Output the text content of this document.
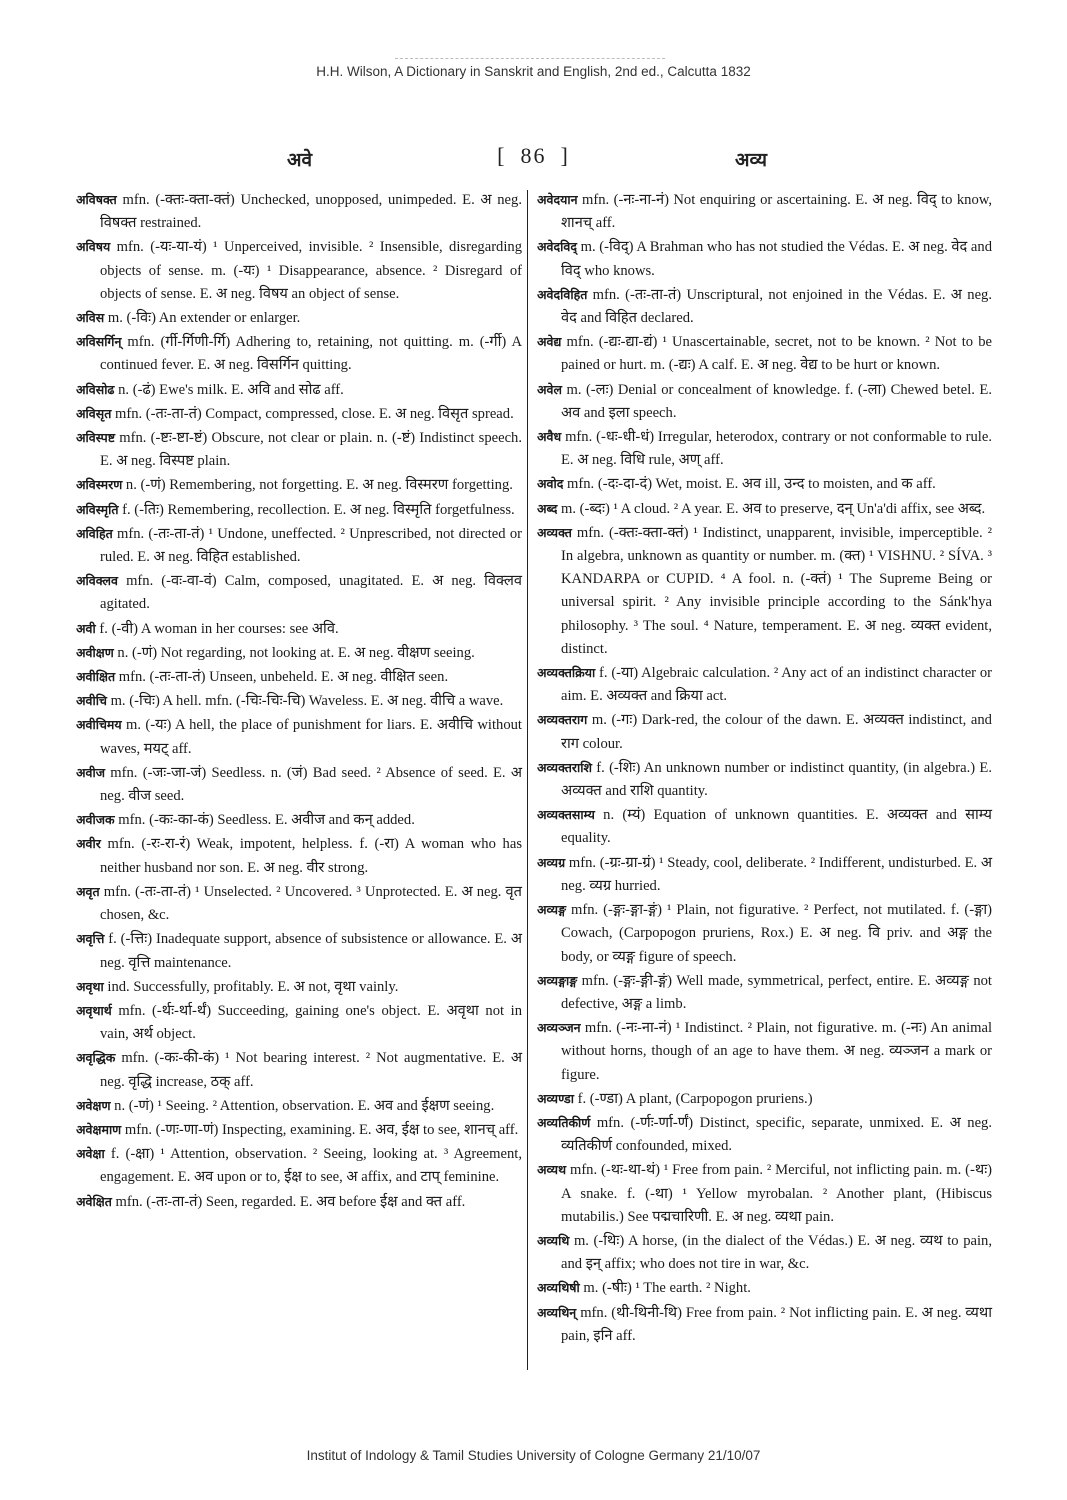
H.H. Wilson, A Dictionary in Sanskrit and English, 2nd ed., Calcutta 1832
अवे	[ 86 ]	अव्य

अविषक्त mfn. (-क्तः-क्ता-क्तं) Unchecked, unopposed, unimpeded. E. अ neg. विषक्त restrained.

अविषय mfn. (-यः-या-यं) ¹ Unperceived, invisible. ² Insensible, disregarding objects of sense. m. (-यः) ¹ Disappearance, absence. ² Disregard of objects of sense. E. अ neg. विषय an object of sense.

अविस m. (-विः) An extender or enlarger.

अविसर्गिन् mfn. (र्गी-र्गिणी-र्गि) Adhering to, retaining, not quitting. m. (-र्गी) A continued fever. E. अ neg. विसर्गिन quitting.

अविसोढ n. (-ढं) Ewe's milk. E. अवि and सोढ aff.

अविसृत mfn. (-तः-ता-तं) Compact, compressed, close. E. अ neg. विसृत spread.

अविस्पष्ट mfn. (-ष्टः-ष्टा-ष्टं) Obscure, not clear or plain. n. (-ष्टं) Indistinct speech. E. अ neg. विस्पष्ट plain.

अविस्मरण n. (-णं) Remembering, not forgetting. E. अ neg. विस्मरण forgetting.

अविस्मृति f. (-तिः) Remembering, recollection. E. अ neg. विस्मृति forgetfulness.

अविहित mfn. (-तः-ता-तं) ¹ Undone, uneffected. ² Unprescribed, not directed or ruled. E. अ neg. विहित established.

अविक्लव mfn. (-वः-वा-वं) Calm, composed, unagitated. E. अ neg. विक्लव agitated.

अवी f. (-वी) A woman in her courses: see अवि.

अवीक्षण n. (-णं) Not regarding, not looking at. E. अ neg. वीक्षण seeing.

अवीक्षित mfn. (-तः-ता-तं) Unseen, unbeheld. E. अ neg. वीक्षित seen.

अवीचि m. (-चिः) A hell. mfn. (-चिः-चिः-चि) Waveless. E. अ neg. वीचि a wave.

अवीचिमय m. (-यः) A hell, the place of punishment for liars. E. अवीचि without waves, मयट् aff.

अवीज mfn. (-जः-जा-जं) Seedless. n. (जं) Bad seed. ² Absence of seed. E. अ neg. वीज seed.

अवीजक mfn. (-कः-का-कं) Seedless. E. अवीज and कन् added.

अवीर mfn. (-रः-रा-रं) Weak, impotent, helpless. f. (-रा) A woman who has neither husband nor son. E. अ neg. वीर strong.

अवृत mfn. (-तः-ता-तं) ¹ Unselected. ² Uncovered. ³ Unprotected. E. अ neg. वृत chosen, &c.

अवृत्ति f. (-त्तिः) Inadequate support, absence of subsistence or allowance. E. अ neg. वृत्ति maintenance.

अवृथा ind. Successfully, profitably. E. अ not, वृथा vainly.

अवृथार्थ mfn. (-र्थः-र्था-र्थं) Succeeding, gaining one's object. E. अवृथा not in vain, अर्थ object.

अवृद्धिक mfn. (-कः-की-कं) ¹ Not bearing interest. ² Not augmentative. E. अ neg. वृद्धि increase, ठक् aff.

अवेक्षण n. (-णं) ¹ Seeing. ² Attention, observation. E. अव and ईक्षण seeing.

अवेक्षमाण mfn. (-णः-णा-णं) Inspecting, examining. E. अव, ईक्ष to see, शानच् aff.

अवेक्षा f. (-क्षा) ¹ Attention, observation. ² Seeing, looking at. ³ Agreement, engagement. E. अव upon or to, ईक्ष to see, अ affix, and टाप् feminine.

अवेक्षित mfn. (-तः-ता-तं) Seen, regarded. E. अव before ईक्ष and क्त aff.

अवेदयान mfn. (-नः-ना-नं) Not enquiring or ascertaining. E. अ neg. विद् to know, शानच् aff.

अवेदविद् m. (-विद्) A Brahman who has not studied the Védas. E. अ neg. वेद and विद् who knows.

अवेदविहित mfn. (-तः-ता-तं) Unscriptural, not enjoined in the Védas. E. अ neg. वेद and विहित declared.

अवेद्य mfn. (-द्यः-द्या-द्यं) ¹ Unascertainable, secret, not to be known. ² Not to be pained or hurt. m. (-द्यः) A calf. E. अ neg. वेद्य to be hurt or known.

अवेल m. (-लः) Denial or concealment of knowledge. f. (-ला) Chewed betel. E. अव and इला speech.

अवैध mfn. (-धः-धी-धं) Irregular, heterodox, contrary or not conformable to rule. E. अ neg. विधि rule, अण् aff.

अवोद mfn. (-दः-दा-दं) Wet, moist. E. अव ill, उन्द to moisten, and क aff.

अब्द m. (-ब्दः) ¹ A cloud. ² A year. E. अव to preserve, दन् Un'a'di affix, see अब्द.

अव्यक्त mfn. (-क्तः-क्ता-क्तं) ¹ Indistinct, unapparent, invisible, imperceptible. ² In algebra, unknown as quantity or number. m. (क्त) ¹ VISHNU. ² SÍVA. ³ KANDARPA or CUPID. ⁴ A fool. n. (-क्तं) ¹ The Supreme Being or universal spirit. ² Any invisible principle according to the Sánk'hya philosophy. ³ The soul. ⁴ Nature, temperament. E. अ neg. व्यक्त evident, distinct.

अव्यक्तक्रिया f. (-या) Algebraic calculation. ² Any act of an indistinct character or aim. E. अव्यक्त and क्रिया act.

अव्यक्तराग m. (-गः) Dark-red, the colour of the dawn. E. अव्यक्त indistinct, and राग colour.

अव्यक्तराशि f. (-शिः) An unknown number or indistinct quantity, (in algebra.) E. अव्यक्त and राशि quantity.

अव्यक्तसाम्य n. (म्यं) Equation of unknown quantities. E. अव्यक्त and साम्य equality.

अव्यग्र mfn. (-ग्रः-ग्रा-ग्रं) ¹ Steady, cool, deliberate. ² Indifferent, undisturbed. E. अ neg. व्यग्र hurried.

अव्यङ्ग mfn. (-ङ्गः-ङ्गा-ङ्गं) ¹ Plain, not figurative. ² Perfect, not mutilated. f. (-ङ्गा) Cowach, (Carpopogon pruriens, Rox.) E. अ neg. वि priv. and अङ्ग the body, or व्यङ्ग figure of speech.

अव्यङ्गाङ्ग mfn. (-ङ्गः-ङ्गी-ङ्गं) Well made, symmetrical, perfect, entire. E. अव्यङ्ग not defective, अङ्ग a limb.

अव्यञ्जन mfn. (-नः-ना-नं) ¹ Indistinct. ² Plain, not figurative. m. (-नः) An animal without horns, though of an age to have them. अ neg. व्यञ्जन a mark or figure.

अव्यण्डा f. (-ण्डा) A plant, (Carpopogon pruriens.)

अव्यतिकीर्ण mfn. (-र्णः-र्णा-र्णं) Distinct, specific, separate, unmixed. E. अ neg. व्यतिकीर्ण confounded, mixed.

अव्यथ mfn. (-थः-था-थं) ¹ Free from pain. ² Merciful, not inflicting pain. m. (-थः) A snake. f. (-था) ¹ Yellow myrobalan. ² Another plant, (Hibiscus mutabilis.) See पद्मचारिणी. E. अ neg. व्यथा pain.

अव्यथि m. (-थिः) A horse, (in the dialect of the Védas.) E. अ neg. व्यथ to pain, and इन् affix; who does not tire in war, &c.

अव्यथिषी m. (-षीः) ¹ The earth. ² Night.

अव्यथिन् mfn. (थी-थिनी-थि) Free from pain. ² Not inflicting pain. E. अ neg. व्यथा pain, इनि aff.

Institut of Indology & Tamil Studies University of Cologne Germany 21/10/07
